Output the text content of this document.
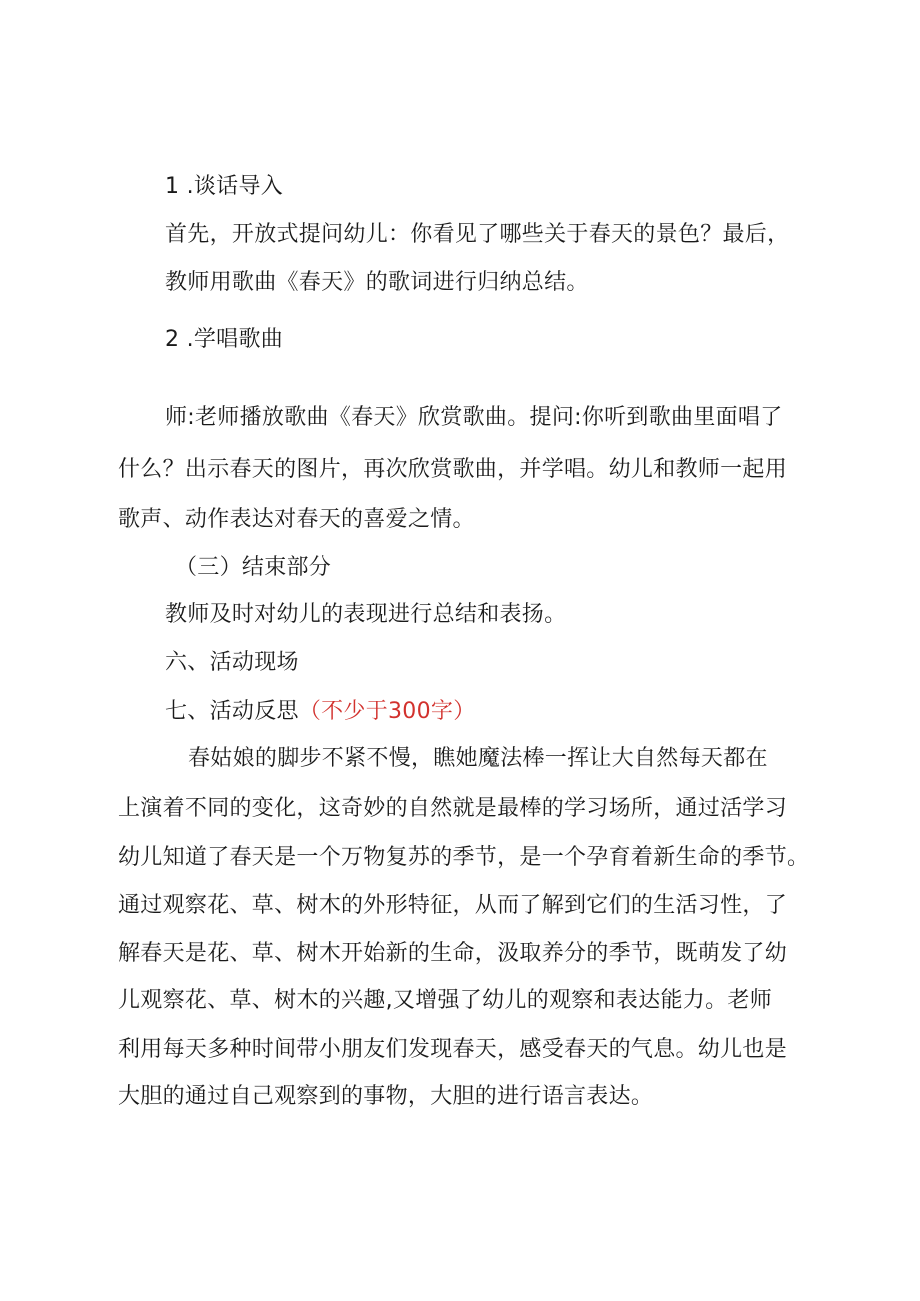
1 .谈话导入
首先，开放式提问幼儿：你看见了哪些关于春天的景色？最后，
教师用歌曲《春天》的歌词进行归纳总结。
2 .学唱歌曲
师:老师播放歌曲《春天》欣赏歌曲。提问:你听到歌曲里面唱了
什么？出示春天的图片，再次欣赏歌曲，并学唱。幼儿和教师一起用
歌声、动作表达对春天的喜爱之情。
（三）结束部分
教师及时对幼儿的表现进行总结和表扬。
六、活动现场
七、活动反思（不少于300字）
春姑娘的脚步不紧不慢，瞧她魔法棒一挥让大自然每天都在
上演着不同的变化，这奇妙的自然就是最棒的学习场所，通过活学习
幼儿知道了春天是一个万物复苏的季节，是一个孕育着新生命的季节。
通过观察花、草、树木的外形特征，从而了解到它们的生活习性，了
解春天是花、草、树木开始新的生命，汲取养分的季节，既萌发了幼
儿观察花、草、树木的兴趣,又增强了幼儿的观察和表达能力。老师
利用每天多种时间带小朋友们发现春天，感受春天的气息。幼儿也是
大胆的通过自己观察到的事物，大胆的进行语言表达。
